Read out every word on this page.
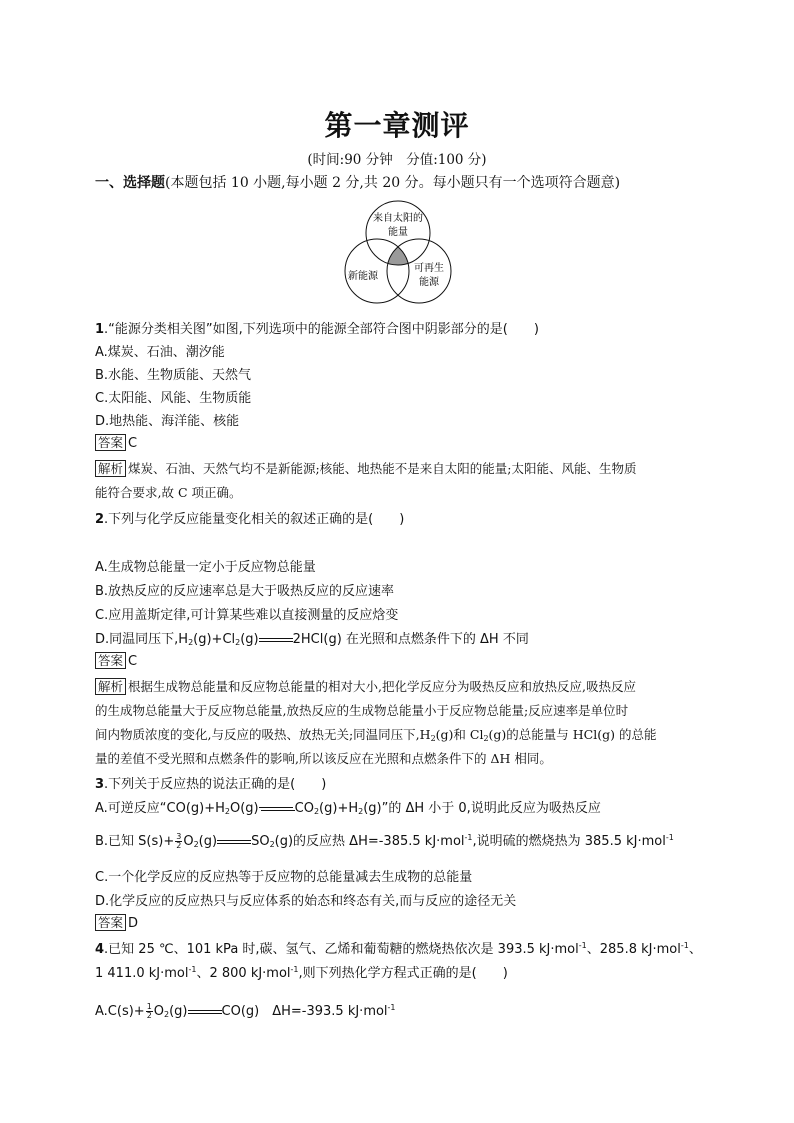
第一章测评
(时间:90 分钟　分值:100 分)
一、选择题(本题包括 10 小题,每小题 2 分,共 20 分。每小题只有一个选项符合题意)
来自太阳的
能量
新能源
可再生
能源
1.“能源分类相关图”如图,下列选项中的能源全部符合图中阴影部分的是(　　)
A.煤炭、石油、潮汐能
B.水能、生物质能、天然气
C.太阳能、风能、生物质能
D.地热能、海洋能、核能
答案 C
解析 煤炭、石油、天然气均不是新能源;核能、地热能不是来自太阳的能量;太阳能、风能、生物质
能符合要求,故 C 项正确。
2.下列与化学反应能量变化相关的叙述正确的是(　　)
A.生成物总能量一定小于反应物总能量
B.放热反应的反应速率总是大于吸热反应的反应速率
C.应用盖斯定律,可计算某些难以直接测量的反应焓变
D.同温同压下$,H_2(g)+Cl_2(g)$	2HCl(g) 在光照和点燃条件下的 ΔH 不同
答案 C
解析 根据生成物总能量和反应物总能量的相对大小,把化学反应分为吸热反应和放热反应,吸热反应
的生成物总能量大于反应物总能量,放热反应的生成物总能量小于反应物总能量;反应速率是单位时
间内物质浓度的变化,与反应的吸热、放热无关;同温同压下$,H_2(g)$和 $Cl_2(g)$的总能量与 HCl(g) 的总能
量的差值不受光照和点燃条件的影响,所以该反应在光照和点燃条件下的 ΔH 相同。
3.下列关于反应热的说法正确的是(　　)
A.可逆反应“$CO(g)+H_2O(g)$	$CO_2(g)+H_2(g)$”的 ΔH 小于 0,说明此反应为吸热反应
B.已知 $S(s)+ \frac{3}{2} O_2(g)$	$SO_2(g)$的反应热 ΔH=-385.5 kJ·mol$^{-1}$,说明硫的燃烧热为 385.5 kJ·mol$^{-1}$
C.一个化学反应的反应热等于反应物的总能量减去生成物的总能量
D.化学反应的反应热只与反应体系的始态和终态有关,而与反应的途径无关
答案 D
4.已知 25 ℃、101 kPa 时,碳、氢气、乙烯和葡萄糖的燃烧热依次是 393.5 kJ·mol$^{-1}$、285.8 kJ·mol$^{-1}$、
1 411.0 kJ·mol$^{-1}$、2 800 kJ·mol$^{-1}$,则下列热化学方程式正确的是(　　)
$A.C(s)+ \frac{1}{2} O_2(g)$	CO(g)　ΔH=-393.5 kJ·mol$^{-1}$
